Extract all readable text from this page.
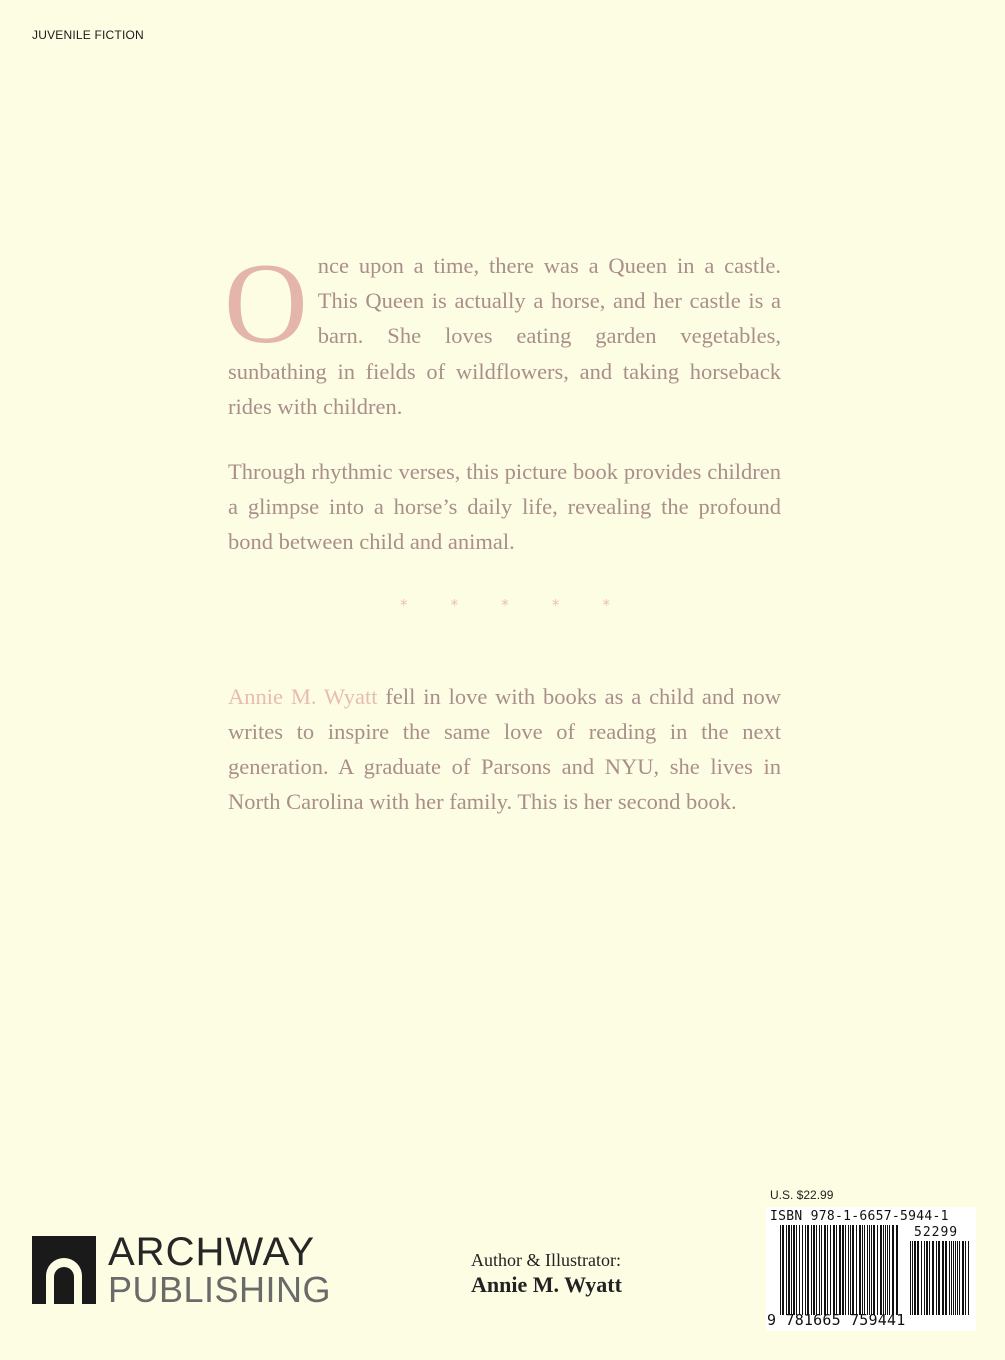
JUVENILE FICTION

Once upon a time, there was a Queen in a castle. This Queen is actually a horse, and her castle is a barn. She loves eating garden vegetables, sunbathing in fields of wildflowers, and taking horseback rides with children.

Through rhythmic verses, this picture book provides children a glimpse into a horse’s daily life, revealing the profound bond between child and animal.

*	*	*	*	*

Annie M. Wyatt fell in love with books as a child and now writes to inspire the same love of reading in the next generation. A graduate of Parsons and NYU, she lives in North Carolina with her family. This is her second book.

ARCHWAY
PUBLISHING
Author & Illustrator:
Annie M. Wyatt
U.S. $22.99
ISBN 978-1-6657-5944-1
52299
9 781665 759441
